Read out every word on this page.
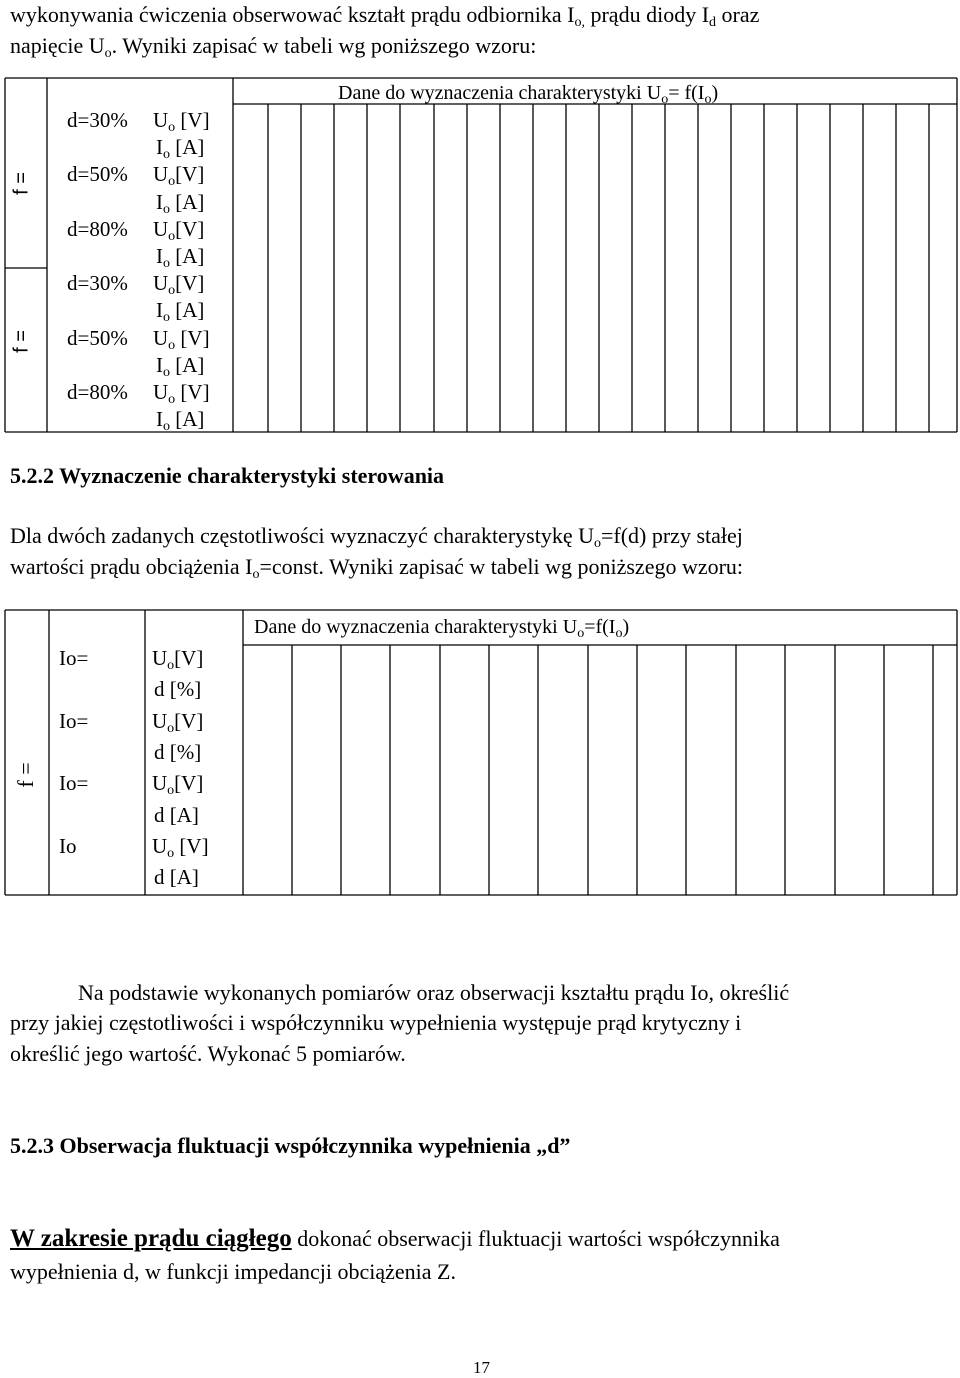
wykonywania ćwiczenia obserwować kształt prądu odbiornika $I_{o,}$ prądu diody $I_d$ oraz
napięcie $U_o$. Wyniki zapisać w tabeli wg poniższego wzoru:
Dane do wyznaczenia charakterystyki $U_o= f(I_o)$
f =
f =
d=30% $U_o$ [V]
$I_o$ [A]
d=50% $U_o[V]$
$I_o$ [A]
d=80% $U_o[V]$
$I_o$ [A]
d=30% $U_o[V]$
$I_o$ [A]
d=50% $U_o$ [V]
$I_o$ [A]
d=80% $U_o$ [V]
$I_o$ [A]
5.2.2 Wyznaczenie charakterystyki sterowania
Dla dwóch zadanych częstotliwości wyznaczyć charakterystykę $U_o=f(d)$ przy stałej
wartości prądu obciążenia $I_o=const$. Wyniki zapisać w tabeli wg poniższego wzoru:
Dane do wyznaczenia charakterystyki $U_o=f(I_o)$
f =
Io=	$U_o[V]$
d [%]
Io=	$U_o[V]$
d [%]
Io=	$U_o[V]$
d [A]
Io	$U_o$ [V]
d [A]
Na podstawie wykonanych pomiarów oraz obserwacji kształtu prądu Io, określić
przy jakiej częstotliwości i współczynniku wypełnienia występuje prąd krytyczny i
określić jego wartość. Wykonać 5 pomiarów.
5.2.3 Obserwacja fluktuacji współczynnika wypełnienia „d”
W zakresie prądu ciągłego dokonać obserwacji fluktuacji wartości współczynnika
wypełnienia d, w funkcji impedancji obciążenia Z.
17
